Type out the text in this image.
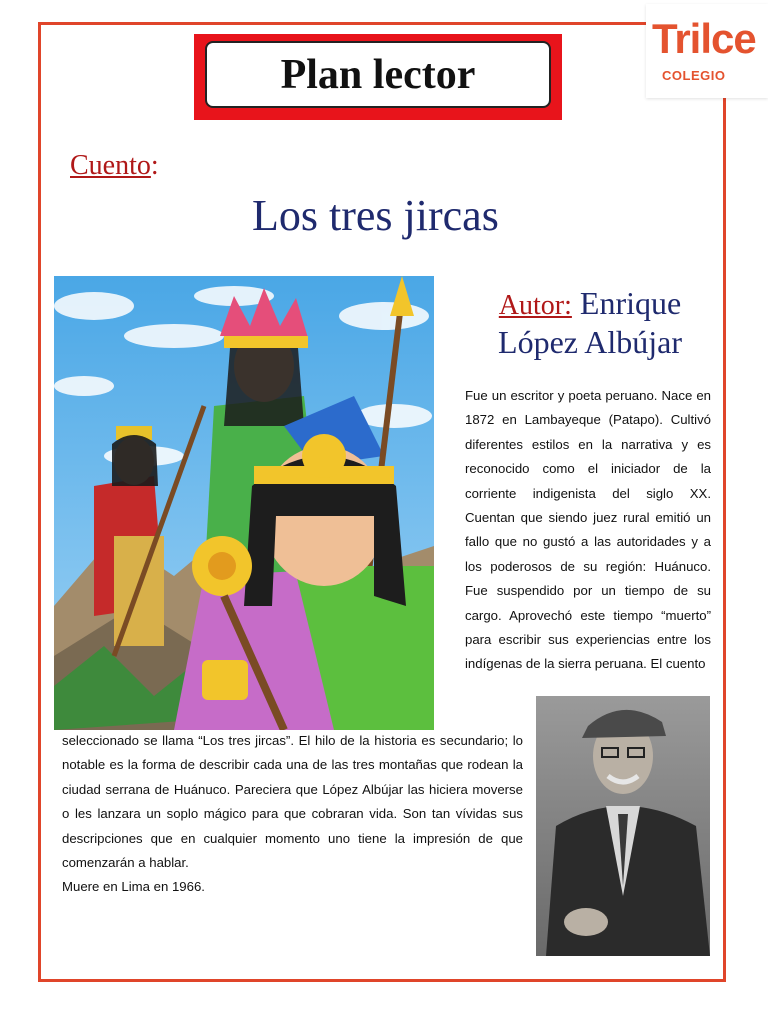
Trilce
COLEGIO
Plan lector
Cuento:
Los tres jircas
Autor: Enrique
López Albújar
Fue un escritor y poeta peruano. Nace en 1872 en Lambayeque (Patapo). Cultivó diferentes estilos en la narrativa y es reconocido como el iniciador de la corriente indigenista del siglo XX. Cuentan que siendo juez rural emitió un fallo que no gustó a las autoridades y a los poderosos de su región: Huánuco. Fue suspendido por un tiempo de su cargo. Aprovechó este tiempo “muerto” para escribir sus experiencias entre los indígenas de la sierra peruana. El cuento

seleccionado se llama “Los tres jircas”. El hilo de la historia es secundario; lo notable es la forma de describir cada una de las tres montañas que rodean la ciudad serrana de Huánuco. Pareciera que López Albújar las hiciera moverse o les lanzara un soplo mágico para que cobraran vida. Son tan vívidas sus descripciones que en cualquier momento uno tiene la impresión de que comenzarán a hablar.

Muere en Lima en 1966.
